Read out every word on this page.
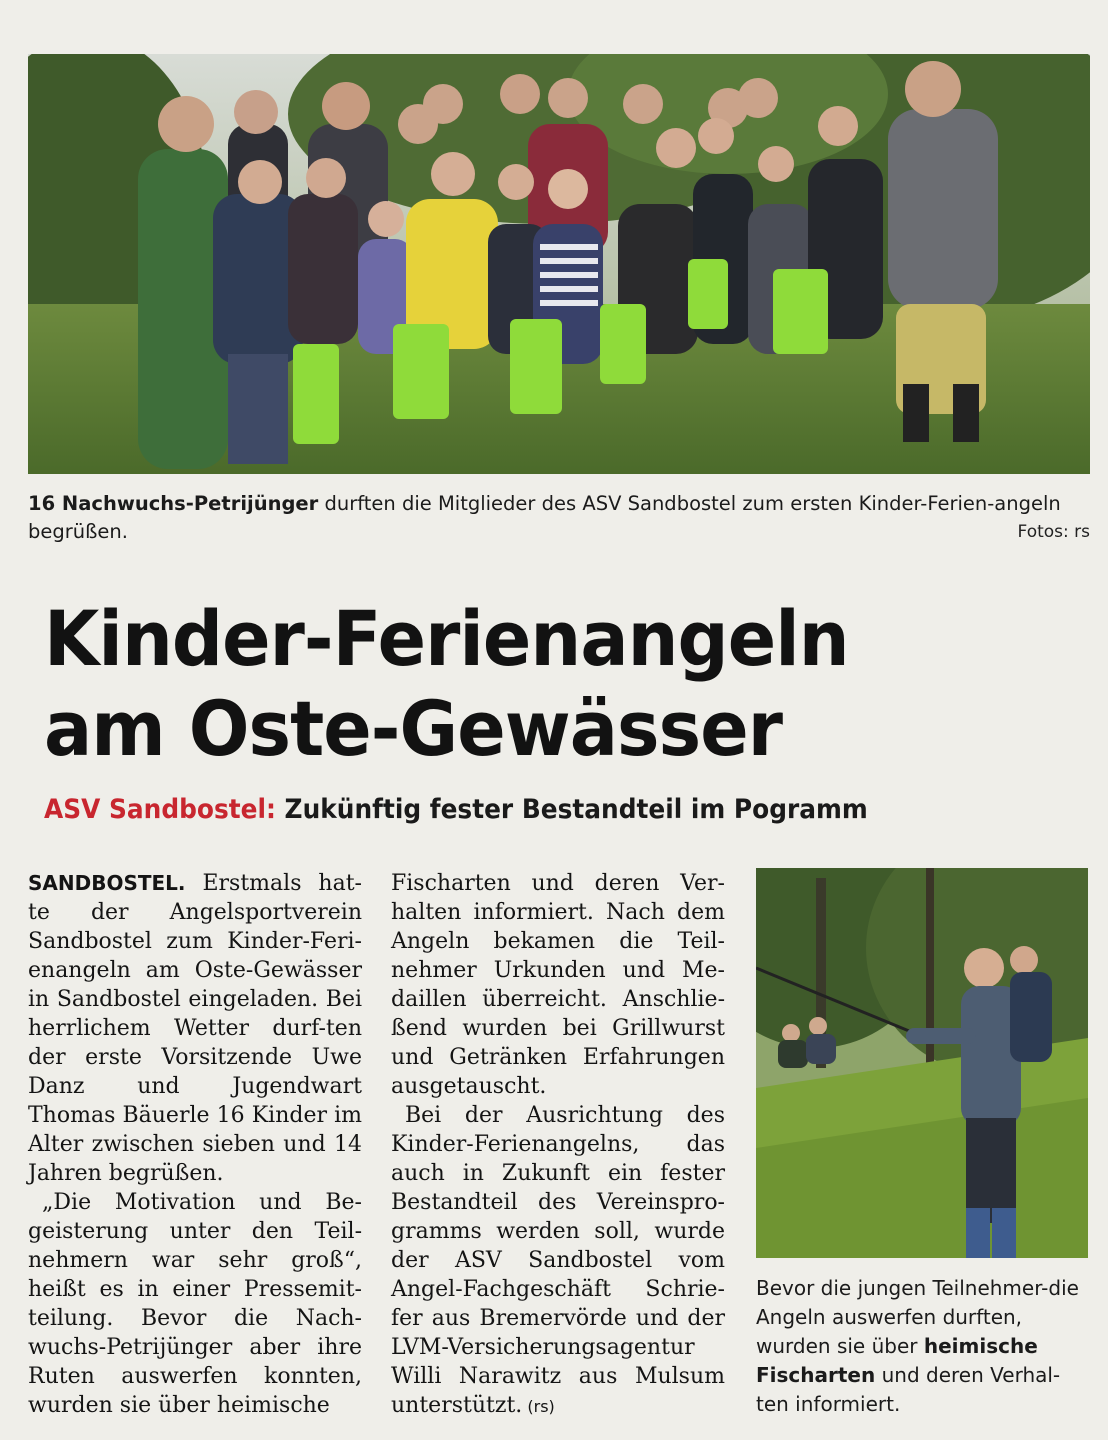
16 Nachwuchs-Petrijünger durften die Mitglieder des ASV Sandbostel zum ersten Kinder-Ferien-angeln begrüßen.	Fotos: rs
Kinder-Ferienangeln
am Oste-Gewässer
ASV Sandbostel: Zukünftig fester Bestandteil im Pogramm

SANDBOSTEL. Erstmals hat-te der Angelsportverein Sandbostel zum Kinder-Feri-enangeln am Oste-Gewässer in Sandbostel eingeladen. Bei herrlichem Wetter durf-ten der erste Vorsitzende Uwe Danz und Jugendwart Thomas Bäuerle 16 Kinder im Alter zwischen sieben und 14 Jahren begrüßen.

„Die Motivation und Be-geisterung unter den Teil-nehmern war sehr groß“, heißt es in einer Pressemit-teilung. Bevor die Nach-wuchs-Petrijünger aber ihre Ruten auswerfen konnten, wurden sie über heimische

Fischarten und deren Ver-halten informiert. Nach dem Angeln bekamen die Teil-nehmer Urkunden und Me-daillen überreicht. Anschlie-ßend wurden bei Grillwurst und Getränken Erfahrungen ausgetauscht.

Bei der Ausrichtung des Kinder-Ferienangelns, das auch in Zukunft ein fester Bestandteil des Vereinspro-gramms werden soll, wurde der ASV Sandbostel vom Angel-Fachgeschäft Schrie-fer aus Bremervörde und der LVM-Versicherungsagentur Willi Narawitz aus Mulsum unterstützt. (rs)

Bevor die jungen Teilnehmer-die Angeln auswerfen durften, wurden sie über heimische Fischarten und deren Verhal-ten informiert.
